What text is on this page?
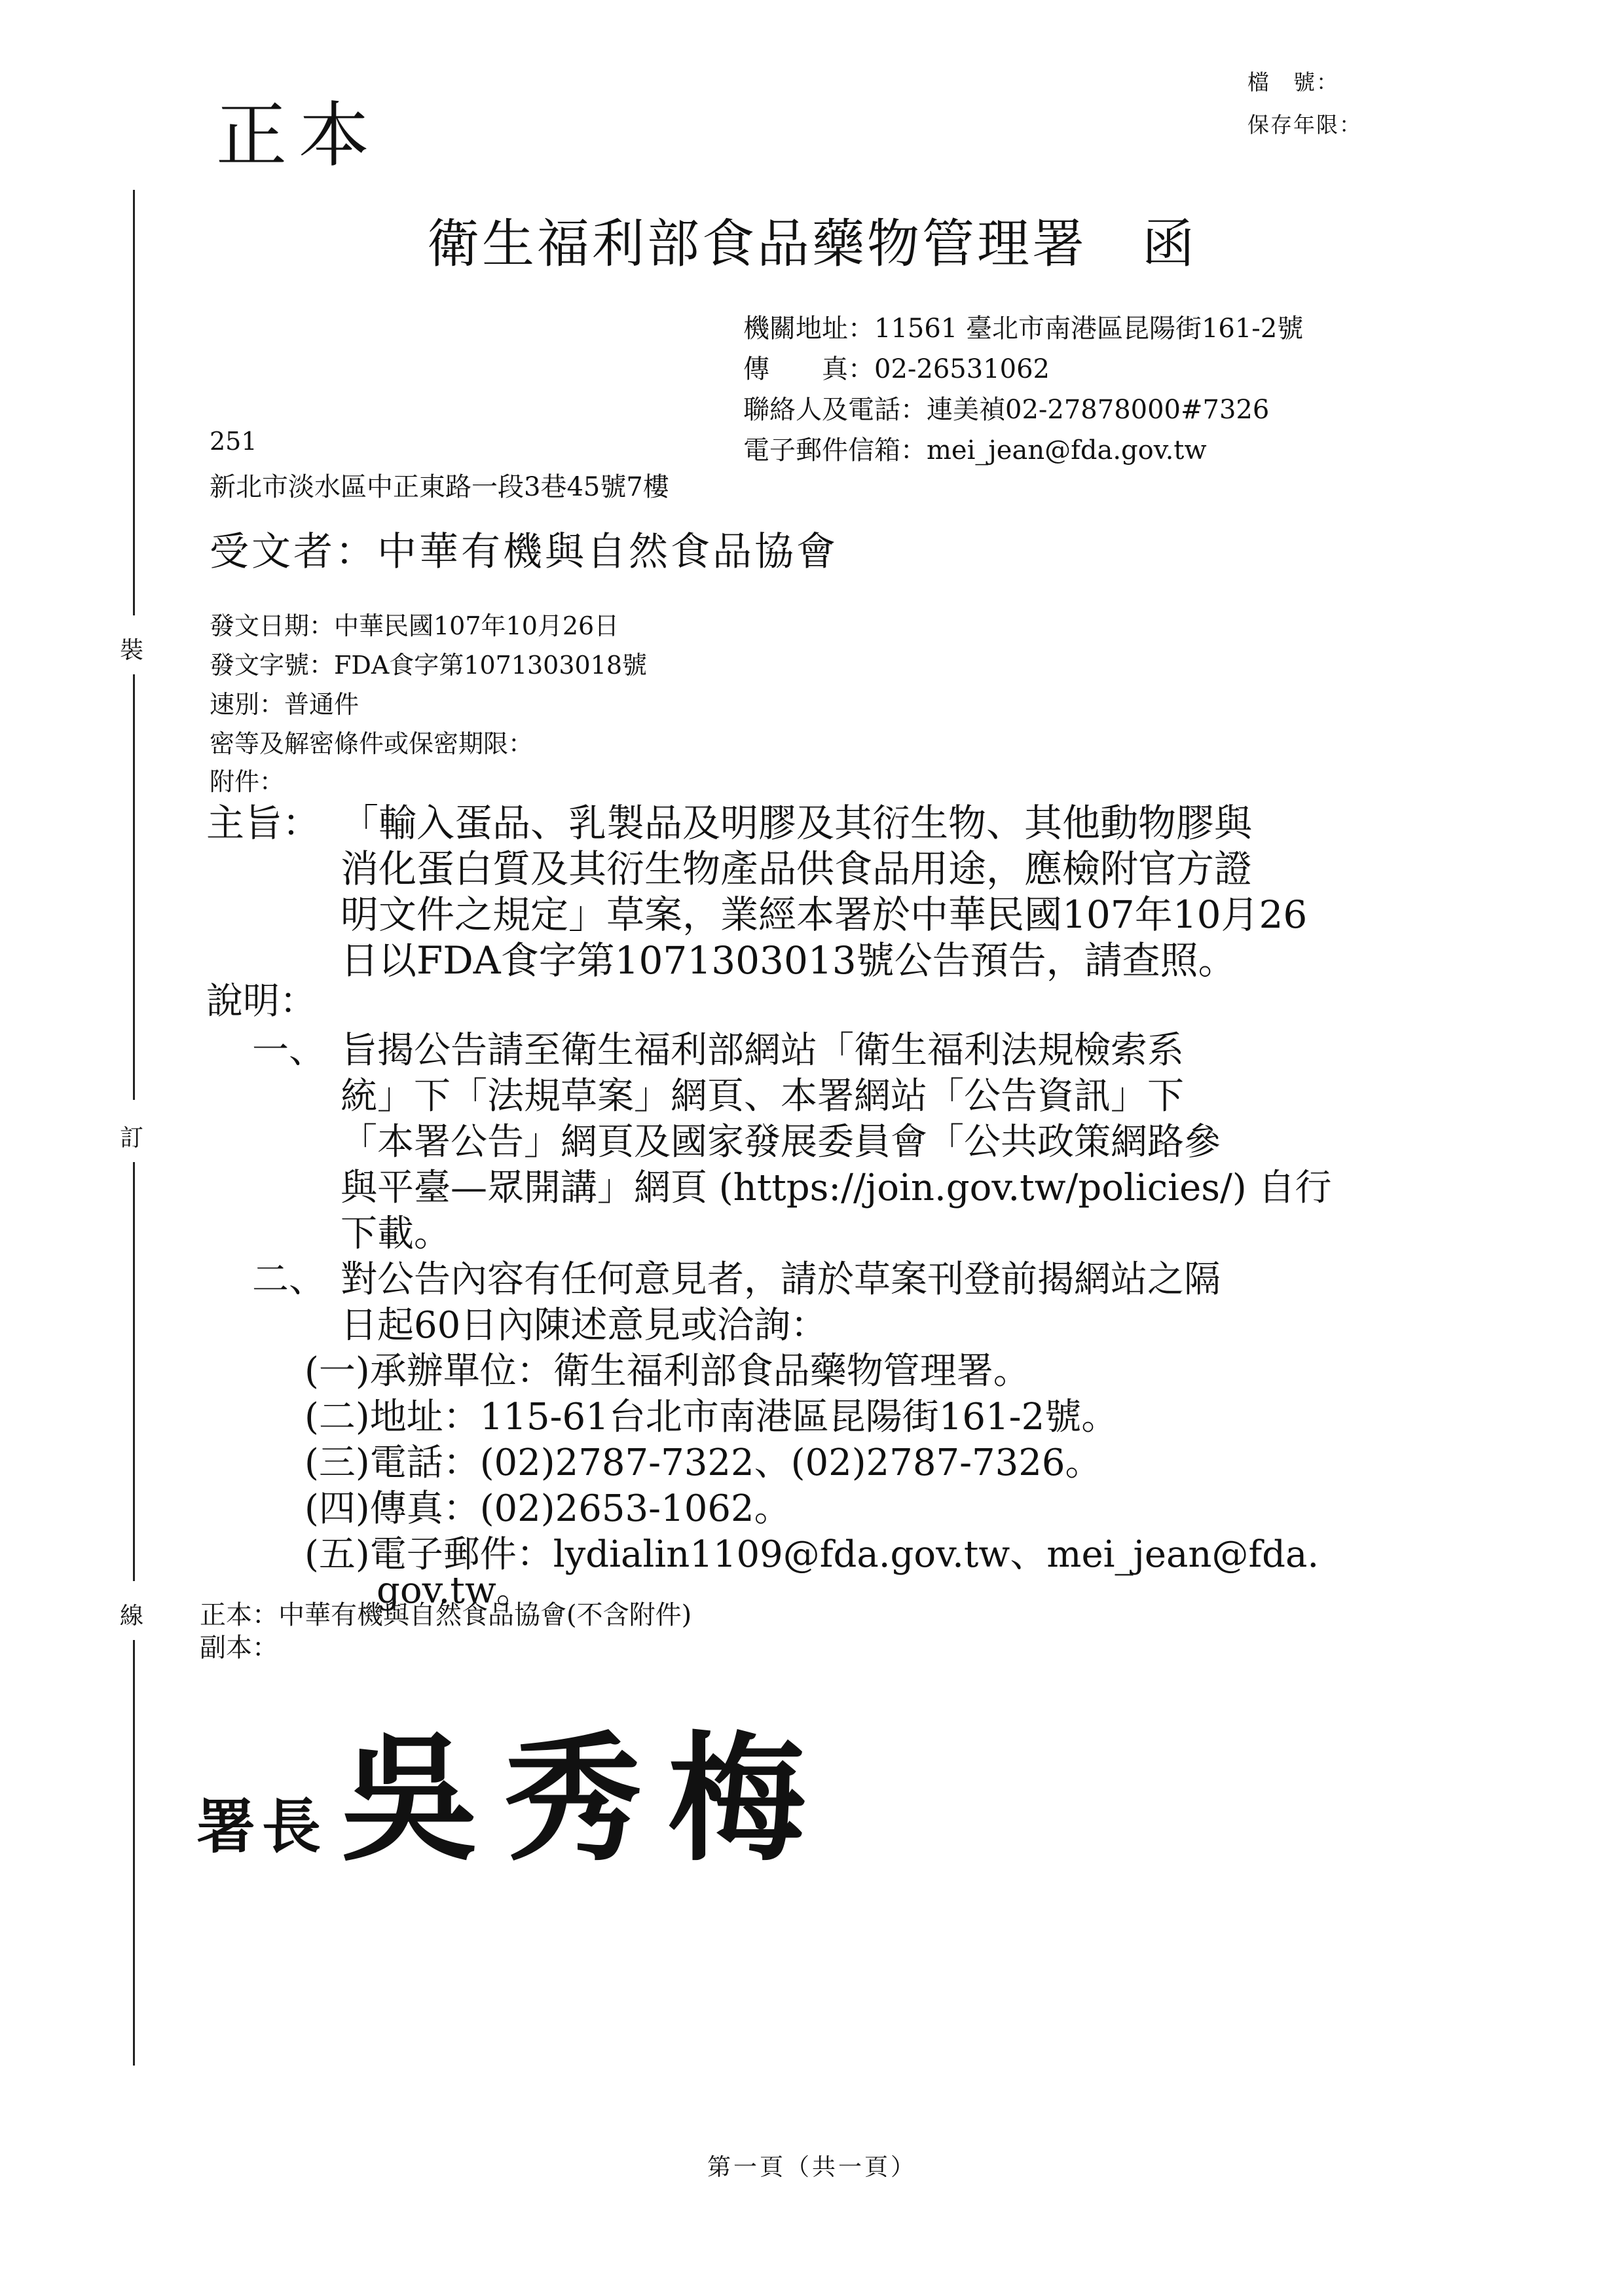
正本
檔　號：
保存年限：
裝
訂
線
衛生福利部食品藥物管理署　函
機關地址：11561 臺北市南港區昆陽街161-2號
傳　　真：02-26531062
聯絡人及電話：連美禎02-27878000#7326
電子郵件信箱：mei_jean@fda.gov.tw
251
新北市淡水區中正東路一段3巷45號7樓
受文者：中華有機與自然食品協會
發文日期：中華民國107年10月26日
發文字號：FDA食字第1071303018號
速別：普通件
密等及解密條件或保密期限：
附件：
主旨： 「輸入蛋品、乳製品及明膠及其衍生物、其他動物膠與
消化蛋白質及其衍生物產品供食品用途，應檢附官方證
明文件之規定」草案，業經本署於中華民國107年10月26
日以FDA食字第1071303013號公告預告，請查照。
說明：
一、 旨揭公告請至衛生福利部網站「衛生福利法規檢索系
統」下「法規草案」網頁、本署網站「公告資訊」下
「本署公告」網頁及國家發展委員會「公共政策網路參
與平臺—眾開講」網頁 (https://join.gov.tw/policies/) 自行
下載。
二、 對公告內容有任何意見者，請於草案刊登前揭網站之隔
日起60日內陳述意見或洽詢：
(一)承辦單位：衛生福利部食品藥物管理署。
(二)地址：115-61台北市南港區昆陽街161-2號。
(三)電話：(02)2787-7322、(02)2787-7326。
(四)傳真：(02)2653-1062。
(五)電子郵件：lydialin1109@fda.gov.tw、mei_jean@fda.
gov.tw。
正本：中華有機與自然食品協會(不含附件)
副本：
署長吳秀梅
第一頁（共一頁）
